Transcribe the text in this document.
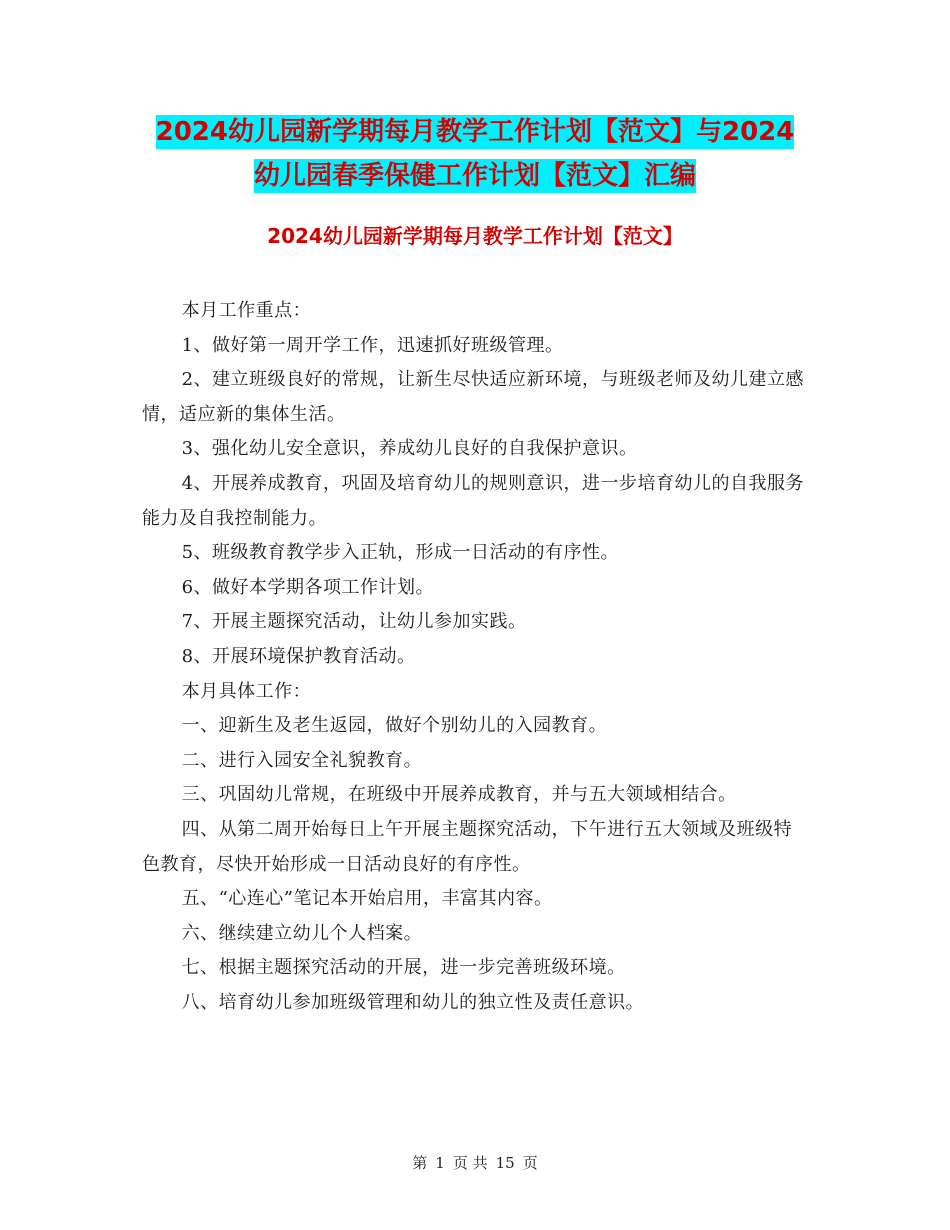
2024幼儿园新学期每月教学工作计划【范文】与2024
幼儿园春季保健工作计划【范文】汇编
2024幼儿园新学期每月教学工作计划【范文】

本月工作重点：

1、做好第一周开学工作，迅速抓好班级管理。

2、建立班级良好的常规，让新生尽快适应新环境，与班级老师及幼儿建立感情，适应新的集体生活。

3、强化幼儿安全意识，养成幼儿良好的自我保护意识。

4、开展养成教育，巩固及培育幼儿的规则意识，进一步培育幼儿的自我服务能力及自我控制能力。

5、班级教育教学步入正轨，形成一日活动的有序性。

6、做好本学期各项工作计划。

7、开展主题探究活动，让幼儿参加实践。

8、开展环境保护教育活动。

本月具体工作：

一、迎新生及老生返园，做好个别幼儿的入园教育。

二、进行入园安全礼貌教育。

三、巩固幼儿常规，在班级中开展养成教育，并与五大领域相结合。

四、从第二周开始每日上午开展主题探究活动，下午进行五大领域及班级特色教育，尽快开始形成一日活动良好的有序性。

五、“心连心”笔记本开始启用，丰富其内容。

六、继续建立幼儿个人档案。

七、根据主题探究活动的开展，进一步完善班级环境。

八、培育幼儿参加班级管理和幼儿的独立性及责任意识。

第 1 页 共 15 页
